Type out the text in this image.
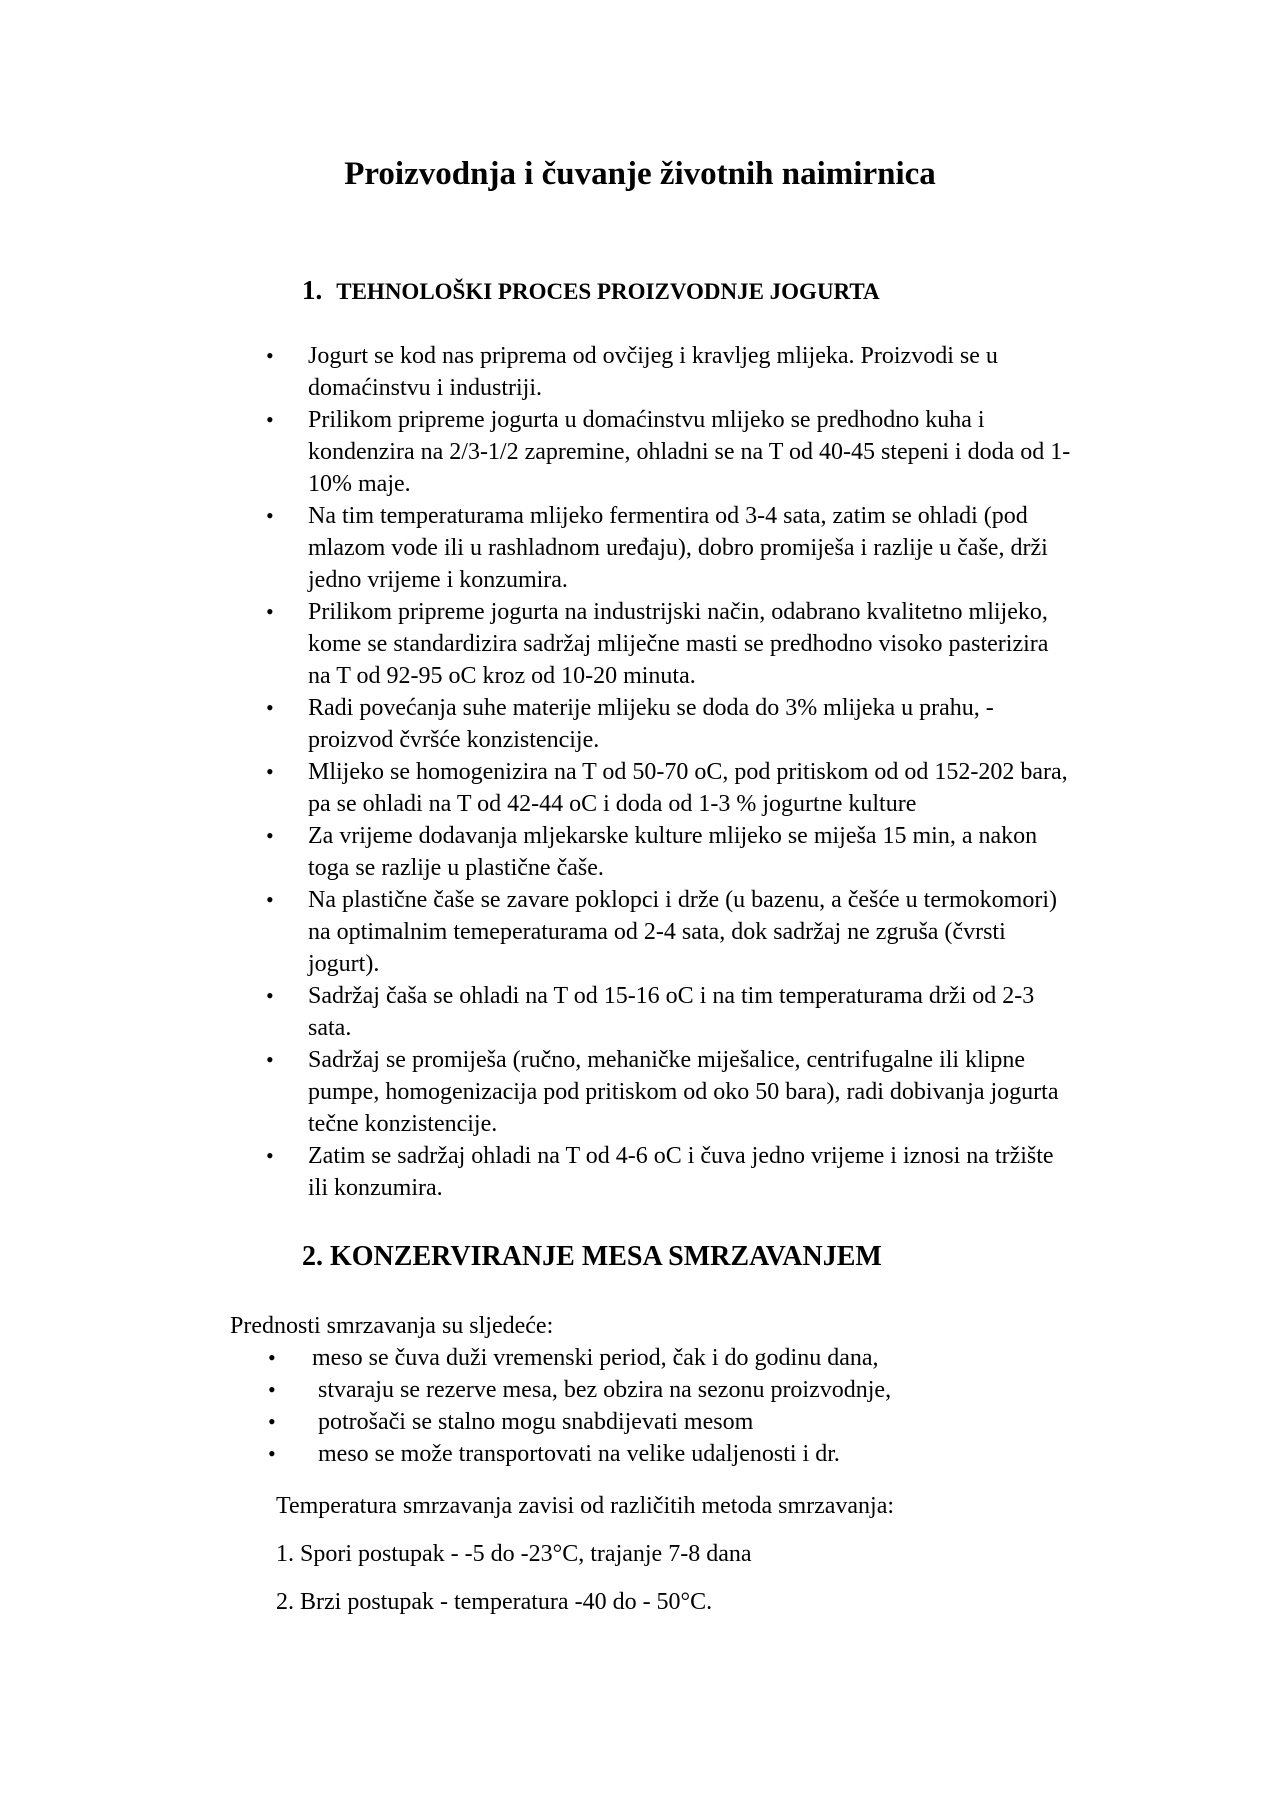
Proizvodnja i čuvanje životnih naimirnica
1. TEHNOLOŠKI PROCES PROIZVODNJE JOGURTA
• Jogurt se kod nas priprema od ovčijeg i kravljeg mlijeka. Proizvodi se u
domaćinstvu i industriji.
• Prilikom pripreme jogurta u domaćinstvu mlijeko se predhodno kuha i
kondenzira na 2/3-1/2 zapremine, ohladni se na T od 40-45 stepeni i doda od 1-
10% maje.
• Na tim temperaturama mlijeko fermentira od 3-4 sata, zatim se ohladi (pod
mlazom vode ili u rashladnom uređaju), dobro promiješa i razlije u čaše, drži
jedno vrijeme i konzumira.
• Prilikom pripreme jogurta na industrijski način, odabrano kvalitetno mlijeko,
kome se standardizira sadržaj mliječne masti se predhodno visoko pasterizira
na T od 92-95 oC kroz od 10-20 minuta.
• Radi povećanja suhe materije mlijeku se doda do 3% mlijeka u prahu, -
proizvod čvršće konzistencije.
• Mlijeko se homogenizira na T od 50-70 oC, pod pritiskom od od 152-202 bara,
pa se ohladi na T od 42-44 oC i doda od 1-3 % jogurtne kulture
• Za vrijeme dodavanja mljekarske kulture mlijeko se miješa 15 min, a nakon
toga se razlije u plastične čaše.
• Na plastične čaše se zavare poklopci i drže (u bazenu, a češće u termokomori)
na optimalnim temeperaturama od 2-4 sata, dok sadržaj ne zgruša (čvrsti
jogurt).
• Sadržaj čaša se ohladi na T od 15-16 oC i na tim temperaturama drži od 2-3
sata.
• Sadržaj se promiješa (ručno, mehaničke miješalice, centrifugalne ili klipne
pumpe, homogenizacija pod pritiskom od oko 50 bara), radi dobivanja jogurta
tečne konzistencije.
• Zatim se sadržaj ohladi na T od 4-6 oC i čuva jedno vrijeme i iznosi na tržište
ili konzumira.
2. KONZERVIRANJE MESA SMRZAVANJEM
Prednosti smrzavanja su sljedeće:
• meso se čuva duži vremenski period, čak i do godinu dana,
• stvaraju se rezerve mesa, bez obzira na sezonu proizvodnje,
• potrošači se stalno mogu snabdijevati mesom
• meso se može transportovati na velike udaljenosti i dr.
Temperatura smrzavanja zavisi od različitih metoda smrzavanja:
1. Spori postupak - -5 do -23°C, trajanje 7-8 dana
2. Brzi postupak - temperatura -40 do - 50°C.
